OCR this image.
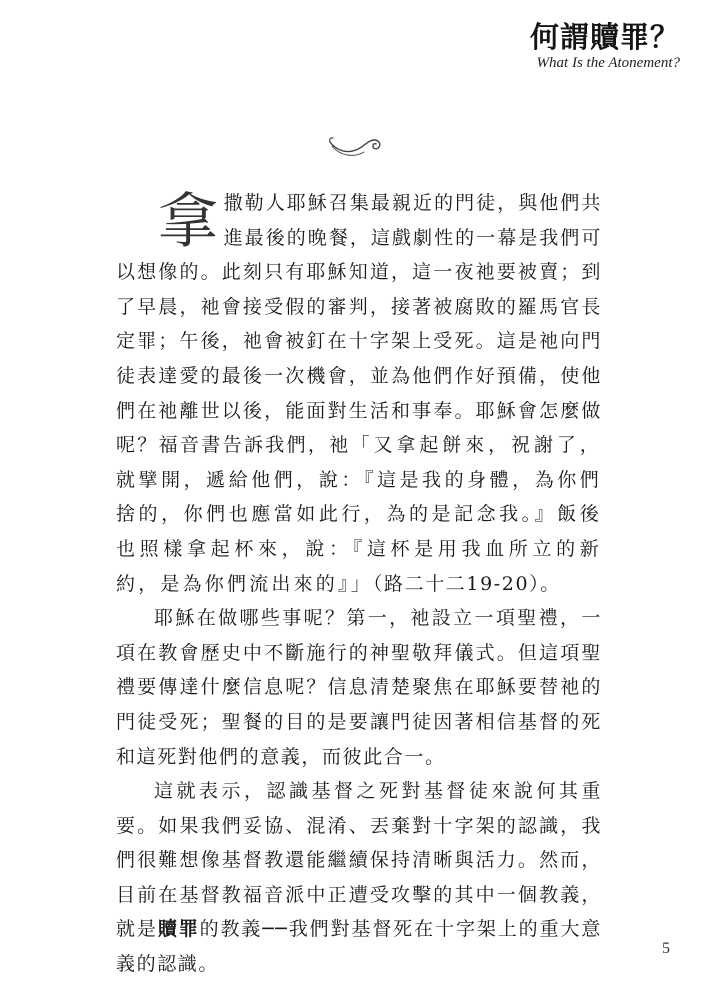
何謂贖罪？
What Is the Atonement?

拿 撒勒人耶穌召集最親近的門徒，與他們共進最後的晚餐，這戲劇性的一幕是我們可以想像的。此刻只有耶穌知道，這一夜祂要被賣；到了早晨，祂會接受假的審判，接著被腐敗的羅馬官長定罪；午後，祂會被釘在十字架上受死。這是祂向門徒表達愛的最後一次機會，並為他們作好預備，使他們在祂離世以後，能面對生活和事奉。耶穌會怎麼做呢？福音書告訴我們，祂「又拿起餅來，祝謝了，就擘開，遞給他們，說：『這是我的身體，為你們捨的，你們也應當如此行，為的是記念我。』飯後也照樣拿起杯來，說：『這杯是用我血所立的新約，是為你們流出來的』」（路二十二19-20）。

耶穌在做哪些事呢？第一，祂設立一項聖禮，一項在教會歷史中不斷施行的神聖敬拜儀式。但這項聖禮要傳達什麼信息呢？信息清楚聚焦在耶穌要替祂的門徒受死；聖餐的目的是要讓門徒因著相信基督的死和這死對他們的意義，而彼此合一。

這就表示，認識基督之死對基督徒來說何其重要。如果我們妥協、混淆、丟棄對十字架的認識，我們很難想像基督教還能繼續保持清晰與活力。然而，目前在基督教福音派中正遭受攻擊的其中一個教義，就是贖罪的教義──我們對基督死在十字架上的重大意義的認識。

5
